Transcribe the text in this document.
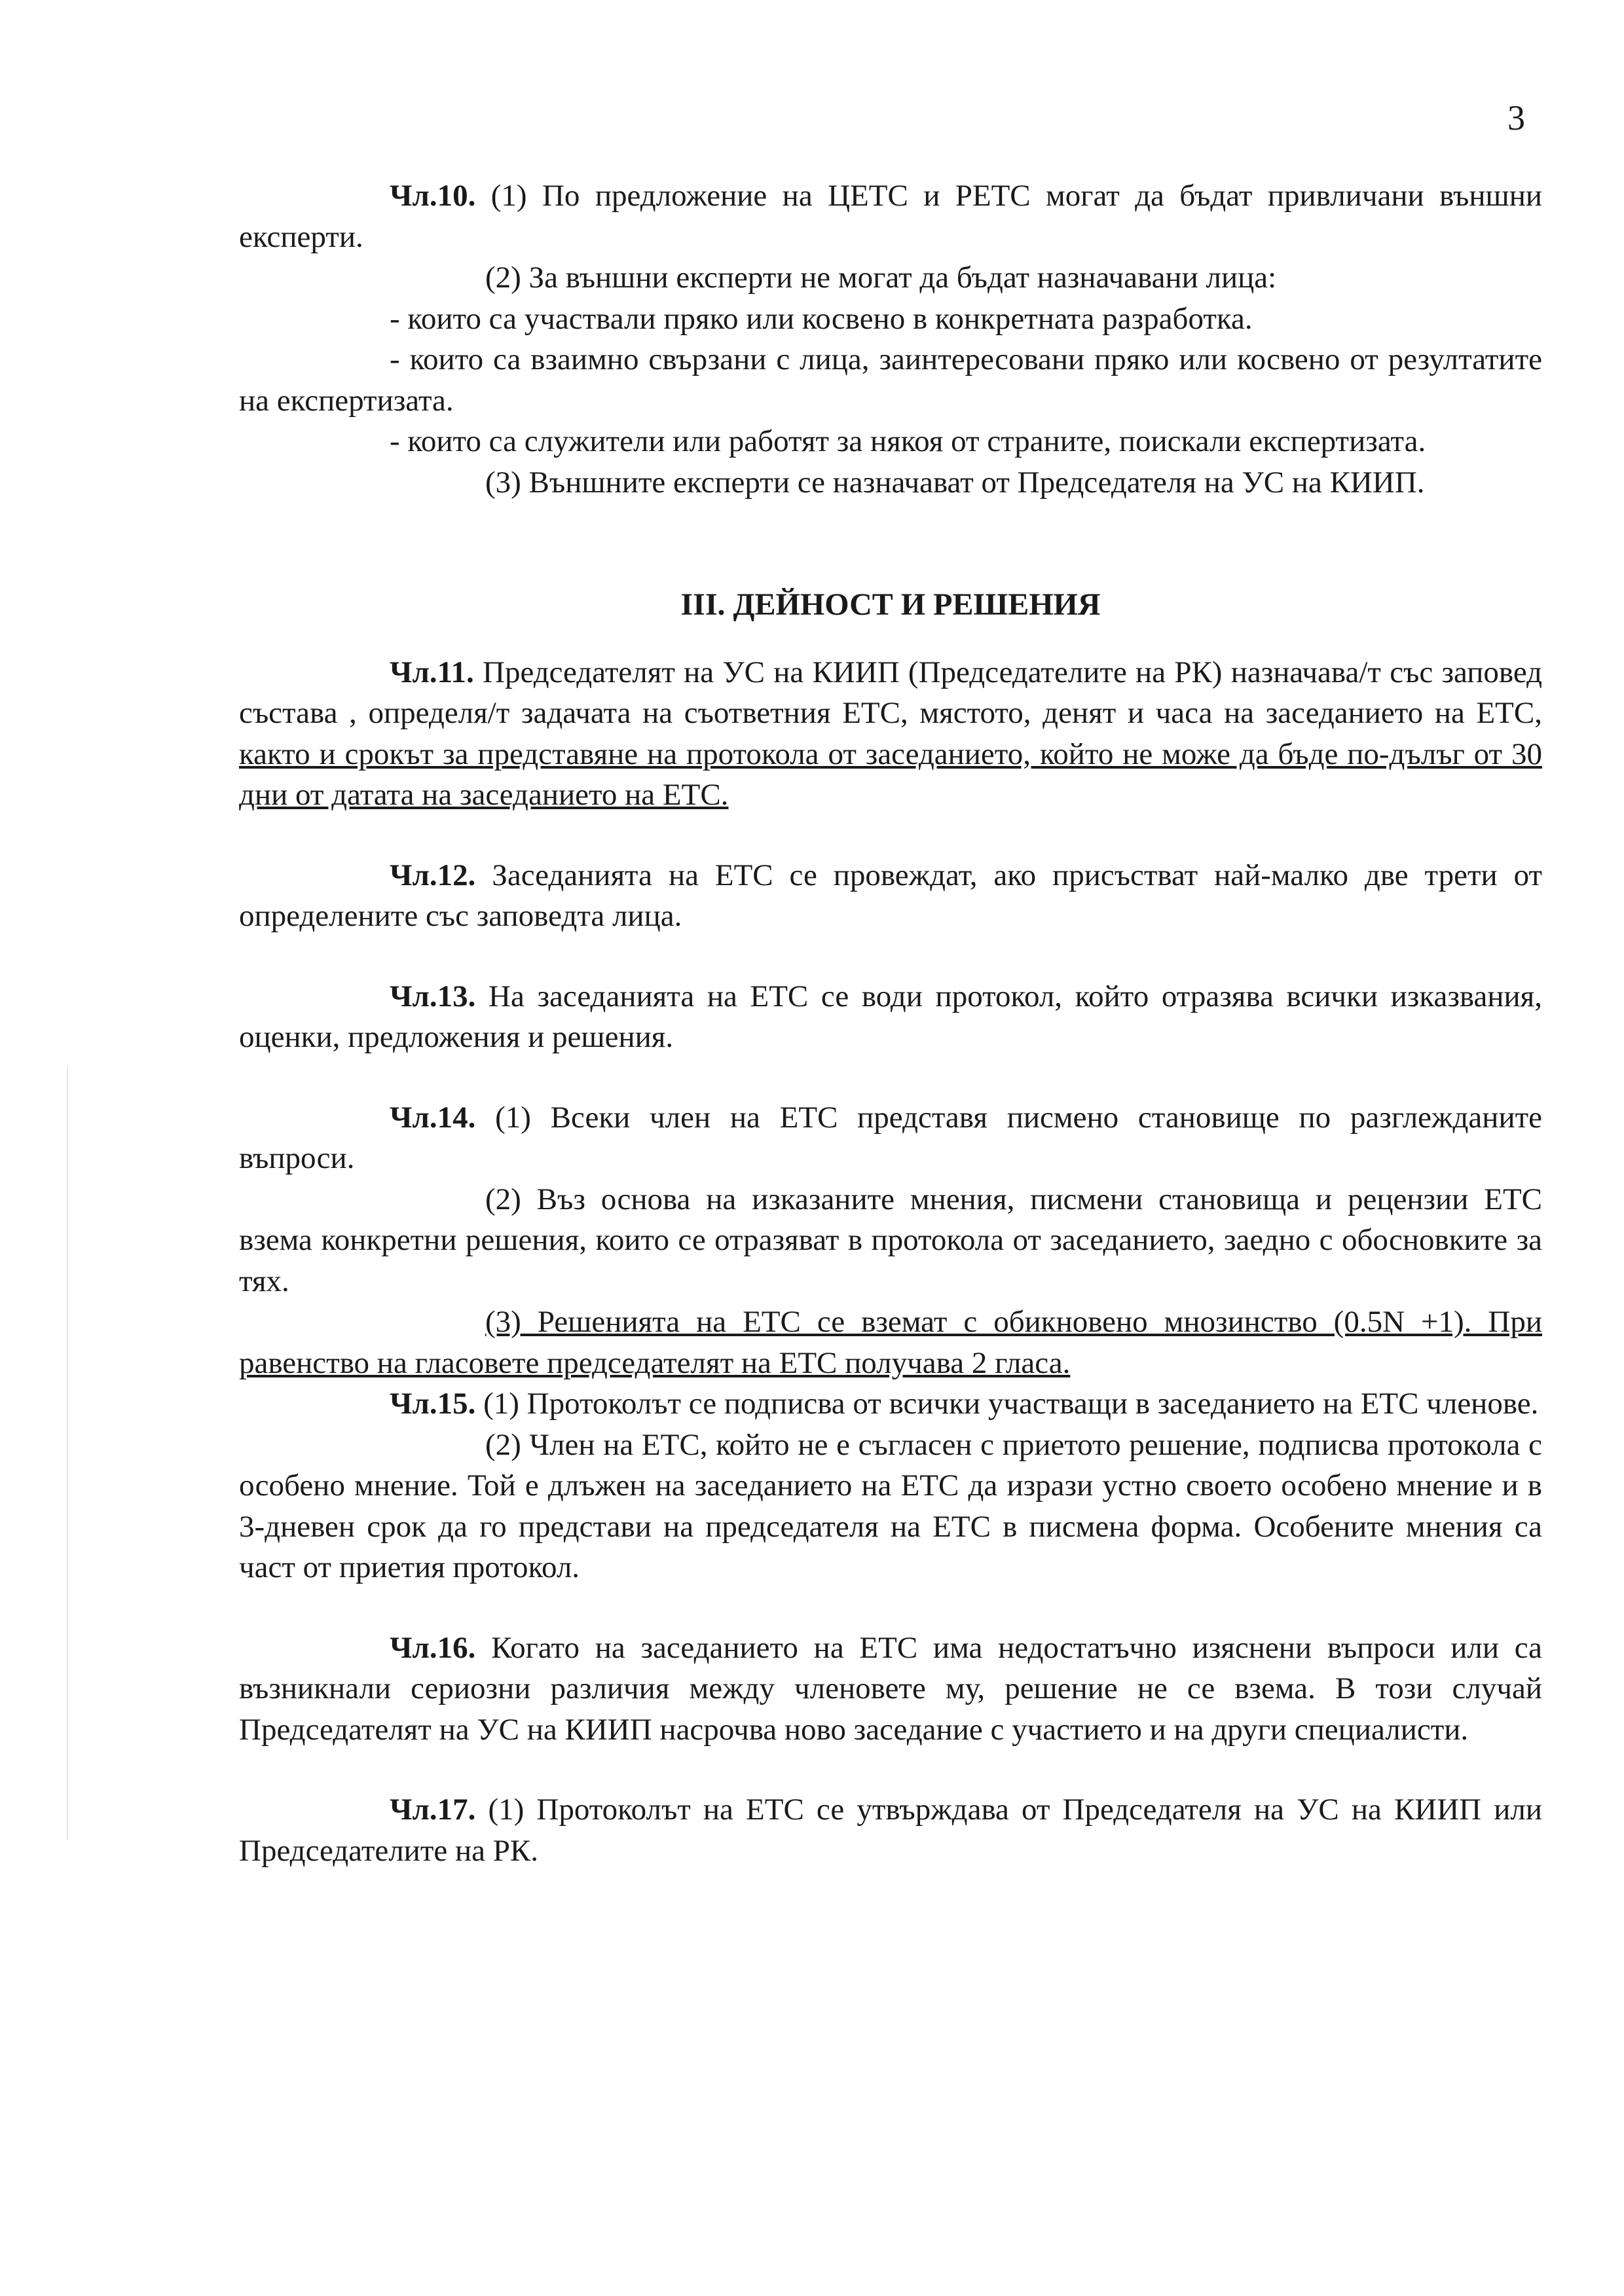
3

Чл.10. (1) По предложение на ЦЕТС и РЕТС могат да бъдат привличани външни експерти.

(2) За външни експерти не могат да бъдат назначавани лица:

- които са участвали пряко или косвено в конкретната разработка.

- които са взаимно свързани с лица, заинтересовани пряко или косвено от резултатите на експертизата.

- които са служители или работят за някоя от страните, поискали експертизата.

(3) Външните експерти се назначават от Председателя на УС на КИИП.

III. ДЕЙНОСТ И РЕШЕНИЯ

Чл.11. Председателят на УС на КИИП (Председателите на РК) назначава/т със заповед състава , определя/т задачата на съответния ЕТС, мястото, денят и часа на заседанието на ЕТС, както и срокът за представяне на протокола от заседанието, който не може да бъде по-дълъг от 30 дни от датата на заседанието на ЕТС.

Чл.12. Заседанията на ЕТС се провеждат, ако присъстват най-малко две трети от определените със заповедта лица.

Чл.13. На заседанията на ЕТС се води протокол, който отразява всички изказвания, оценки, предложения и решения.

Чл.14. (1) Всеки член на ЕТС представя писмено становище по разглежданите въпроси.

(2) Въз основа на изказаните мнения, писмени становища и рецензии ЕТС взема конкретни решения, които се отразяват в протокола от заседанието, заедно с обосновките за тях.

(3) Решенията на ЕТС се вземат с обикновено мнозинство (0.5N +1). При равенство на гласовете председателят на ЕТС получава 2 гласа.

Чл.15. (1) Протоколът се подписва от всички участващи в заседанието на ЕТС членове.

(2) Член на ЕТС, който не е съгласен с приетото решение, подписва протокола с особено мнение. Той е длъжен на заседанието на ЕТС да изрази устно своето особено мнение и в 3-дневен срок да го представи на председателя на ЕТС в писмена форма. Особените мнения са част от приетия протокол.

Чл.16. Когато на заседанието на ЕТС има недостатъчно изяснени въпроси или са възникнали сериозни различия между членовете му, решение не се взема. В този случай Председателят на УС на КИИП насрочва ново заседание с участието и на други специалисти.

Чл.17. (1) Протоколът на ЕТС се утвърждава от Председателя на УС на КИИП или Председателите на РК.
